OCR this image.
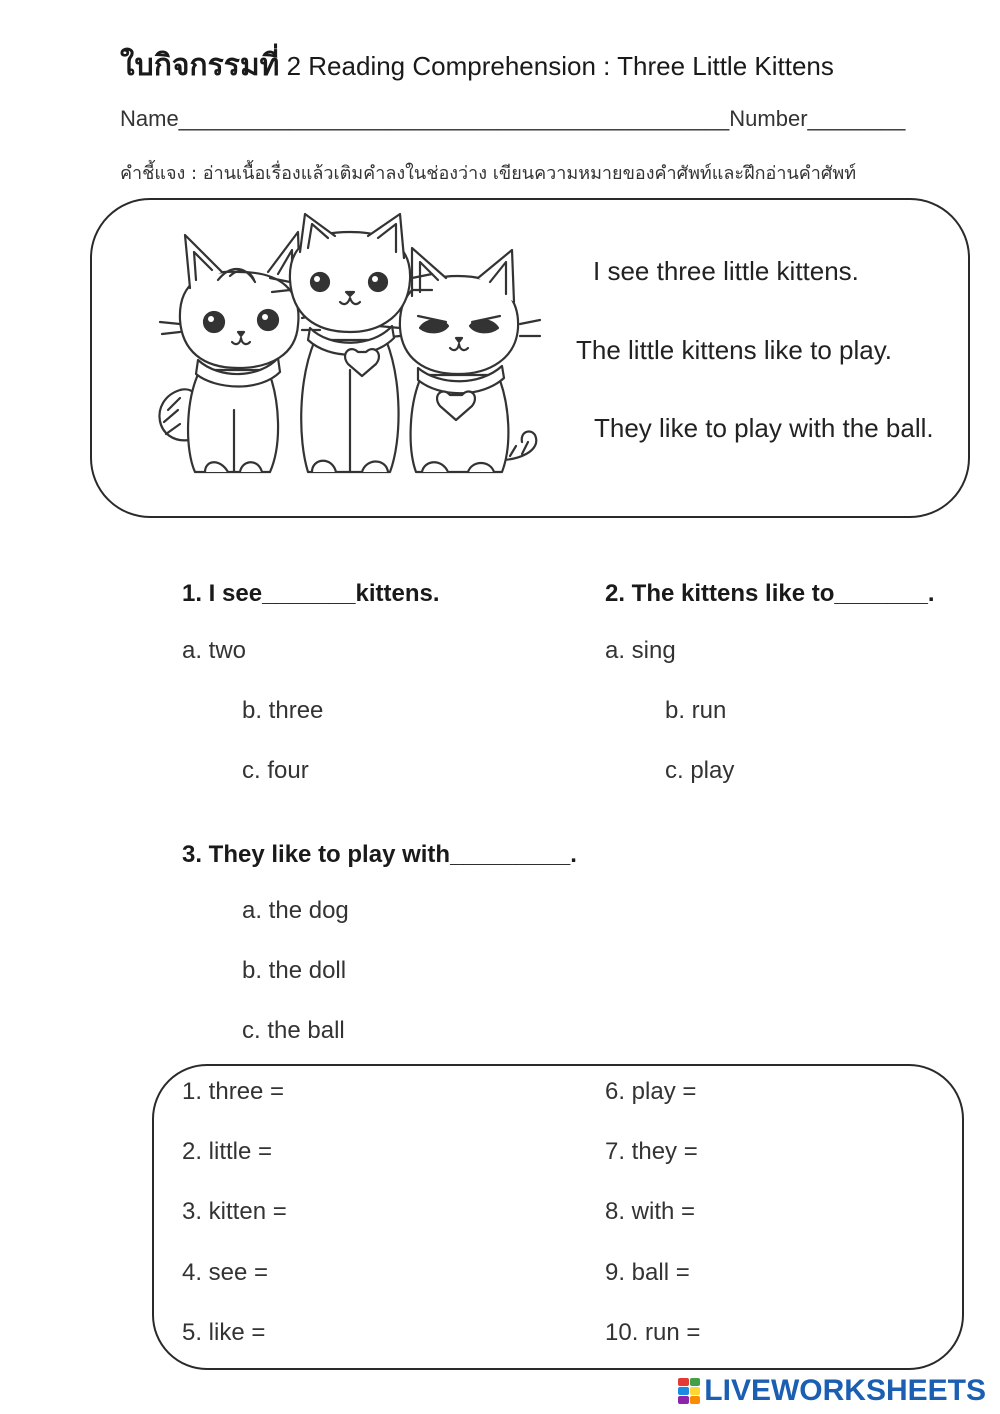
ใบกิจกรรมที่ 2 Reading Comprehension : Three Little Kittens
Name_____________________________________________Number________
คำชี้แจง : อ่านเนื้อเรื่องแล้วเติมคำลงในช่องว่าง เขียนความหมายของคำศัพท์และฝึกอ่านคำศัพท์
I see three little kittens.
The little kittens like to play.
They like to play with the ball.
1. I see_______kittens.
a. two
b. three
c. four
2. The kittens like to_______.
a. sing
b. run
c. play
3. They like to play with_________.
a. the dog
b. the doll
c. the ball
1. three =
2. little =
3. kitten =
4. see =
5. like =
6. play =
7. they =
8. with =
9. ball =
10. run =
LIVEWORKSHEETS
